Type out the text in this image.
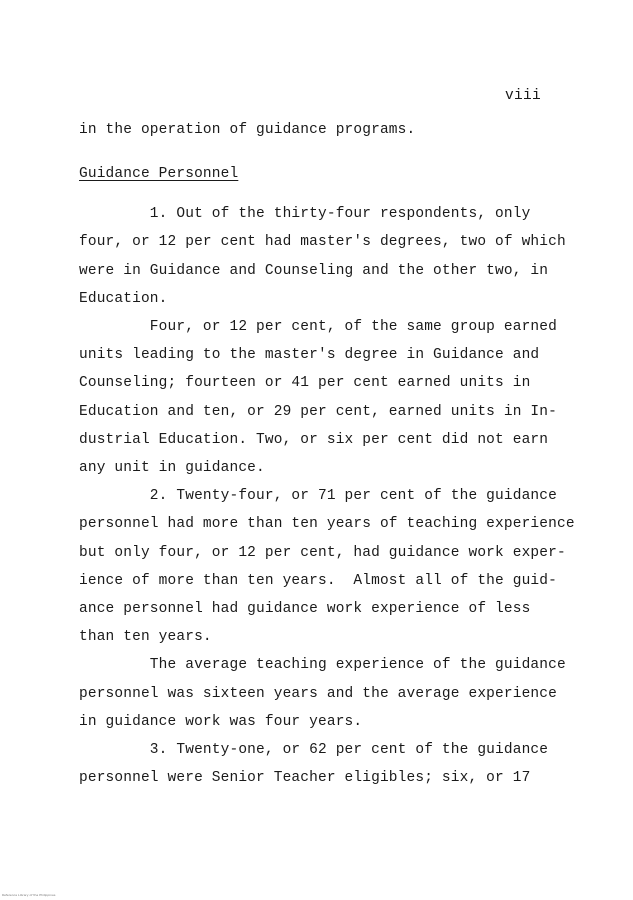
viii
in the operation of guidance programs.
Guidance Personnel
1. Out of the thirty-four respondents, only
four, or 12 per cent had master's degrees, two of which
were in Guidance and Counseling and the other two, in
Education.
Four, or 12 per cent, of the same group earned
units leading to the master's degree in Guidance and
Counseling; fourteen or 41 per cent earned units in
Education and ten, or 29 per cent, earned units in In-
dustrial Education. Two, or six per cent did not earn
any unit in guidance.
2. Twenty-four, or 71 per cent of the guidance
personnel had more than ten years of teaching experience
but only four, or 12 per cent, had guidance work exper-
ience of more than ten years.  Almost all of the guid-
ance personnel had guidance work experience of less
than ten years.
The average teaching experience of the guidance
personnel was sixteen years and the average experience
in guidance work was four years.
3. Twenty-one, or 62 per cent of the guidance
personnel were Senior Teacher eligibles; six, or 17
Reference Library of the Philippines
